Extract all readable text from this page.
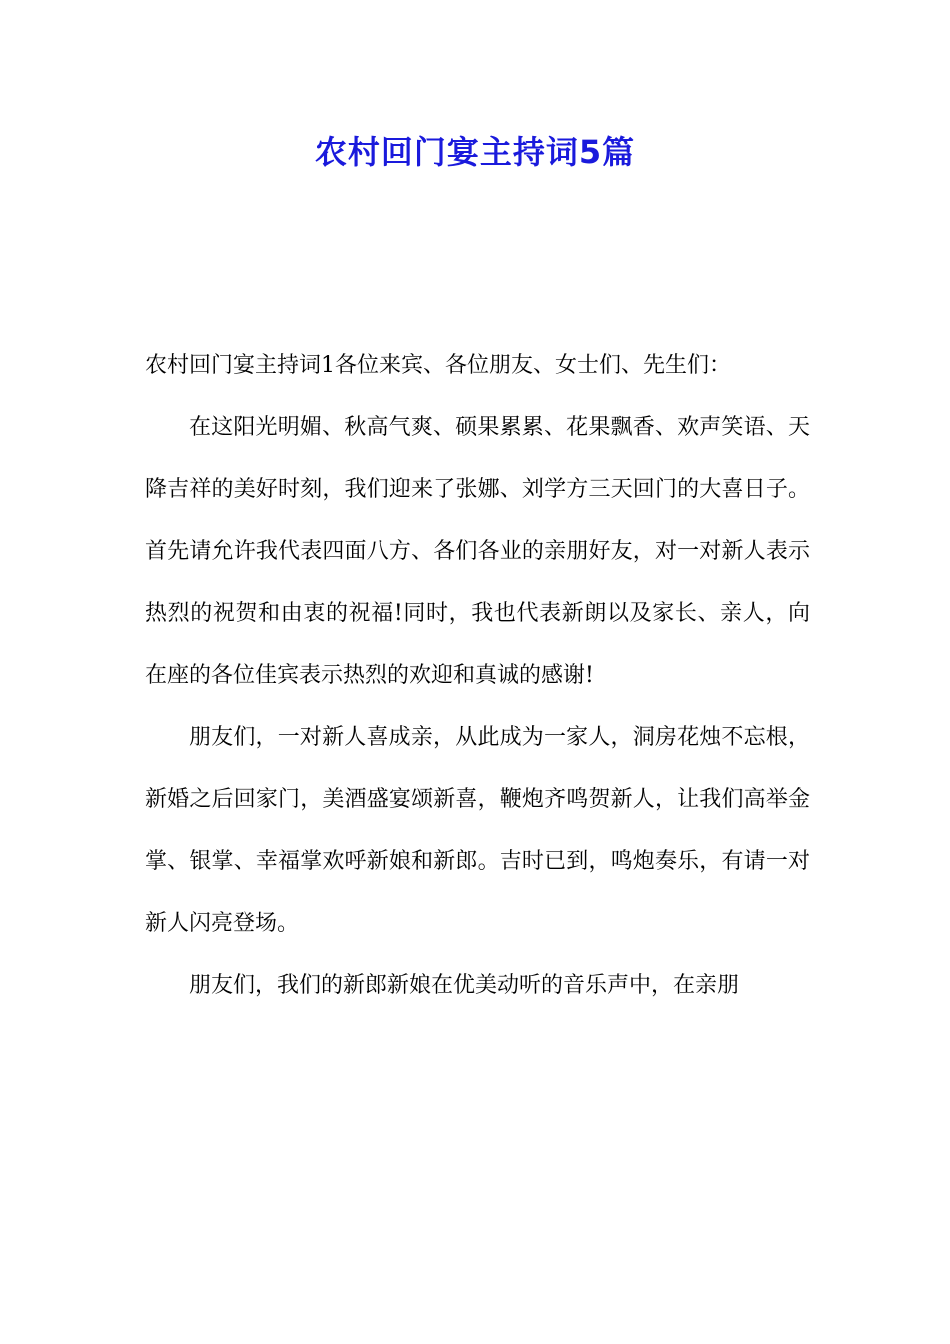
农村回门宴主持词5篇

农村回门宴主持词1各位来宾、各位朋友、女士们、先生们：

在这阳光明媚、秋高气爽、硕果累累、花果飘香、欢声笑语、天降吉祥的美好时刻，我们迎来了张娜、刘学方三天回门的大喜日子。首先请允许我代表四面八方、各们各业的亲朋好友，对一对新人表示热烈的祝贺和由衷的祝福!同时，我也代表新朗以及家长、亲人，向在座的各位佳宾表示热烈的欢迎和真诚的感谢!

朋友们，一对新人喜成亲，从此成为一家人，洞房花烛不忘根，新婚之后回家门，美酒盛宴颂新喜，鞭炮齐鸣贺新人，让我们高举金掌、银掌、幸福掌欢呼新娘和新郎。吉时已到，鸣炮奏乐，有请一对新人闪亮登场。

朋友们，我们的新郎新娘在优美动听的音乐声中，在亲朋
